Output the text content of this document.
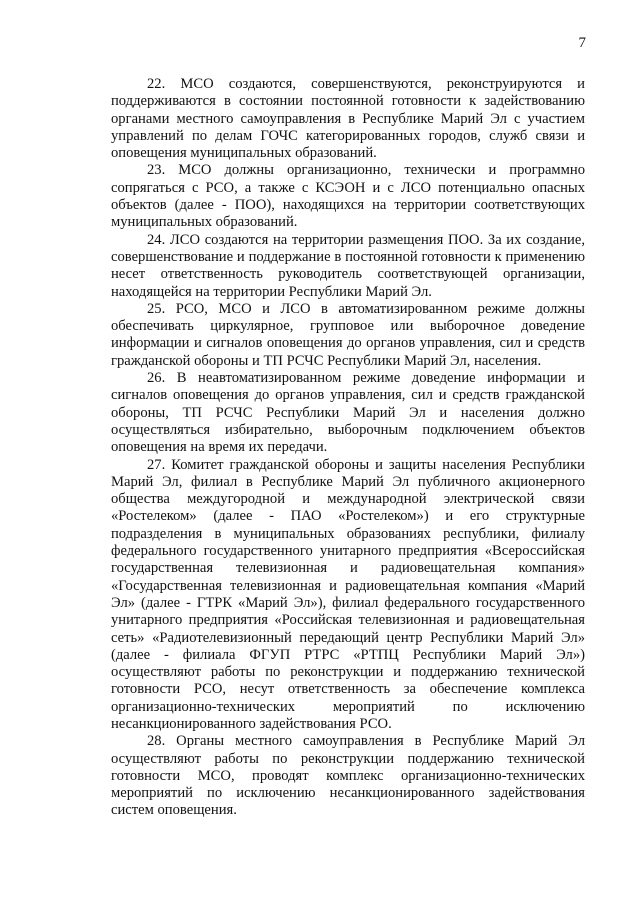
7

22. МСО создаются, совершенствуются, реконструируются и поддерживаются в состоянии постоянной готовности к задействованию органами местного самоуправления в Республике Марий Эл с участием управлений по делам ГОЧС категорированных городов, служб связи и оповещения муниципальных образований.

23. МСО должны организационно, технически и программно сопрягаться с РСО, а также с КСЭОН и с ЛСО потенциально опасных объектов (далее - ПОО), находящихся на территории соответствующих муниципальных образований.

24. ЛСО создаются на территории размещения ПОО. За их создание, совершенствование и поддержание в постоянной готовности к применению несет ответственность руководитель соответствующей организации, находящейся на территории Республики Марий Эл.

25. РСО, МСО и ЛСО в автоматизированном режиме должны обеспечивать циркулярное, групповое или выборочное доведение информации и сигналов оповещения до органов управления, сил и средств гражданской обороны и ТП РСЧС Республики Марий Эл, населения.

26. В неавтоматизированном режиме доведение информации и сигналов оповещения до органов управления, сил и средств гражданской обороны, ТП РСЧС Республики Марий Эл и населения должно осуществляться избирательно, выборочным подключением объектов оповещения на время их передачи.

27. Комитет гражданской обороны и защиты населения Республики Марий Эл, филиал в Республике Марий Эл публичного акционерного общества междугородной и международной электрической связи «Ростелеком» (далее - ПАО «Ростелеком») и его структурные подразделения в муниципальных образованиях республики, филиалу федерального государственного унитарного предприятия «Всероссийская государственная телевизионная и радиовещательная компания» «Государственная телевизионная и радиовещательная компания «Марий Эл» (далее - ГТРК «Марий Эл»), филиал федерального государственного унитарного предприятия «Российская телевизионная и радиовещательная сеть» «Радиотелевизионный передающий центр Республики Марий Эл» (далее - филиала ФГУП РТРС «РТПЦ Республики Марий Эл») осуществляют работы по реконструкции и поддержанию технической готовности РСО, несут ответственность за обеспечение комплекса организационно-технических мероприятий по исключению несанкционированного задействования РСО.

28. Органы местного самоуправления в Республике Марий Эл осуществляют работы по реконструкции поддержанию технической готовности МСО, проводят комплекс организационно-технических мероприятий по исключению несанкционированного задействования систем оповещения.
